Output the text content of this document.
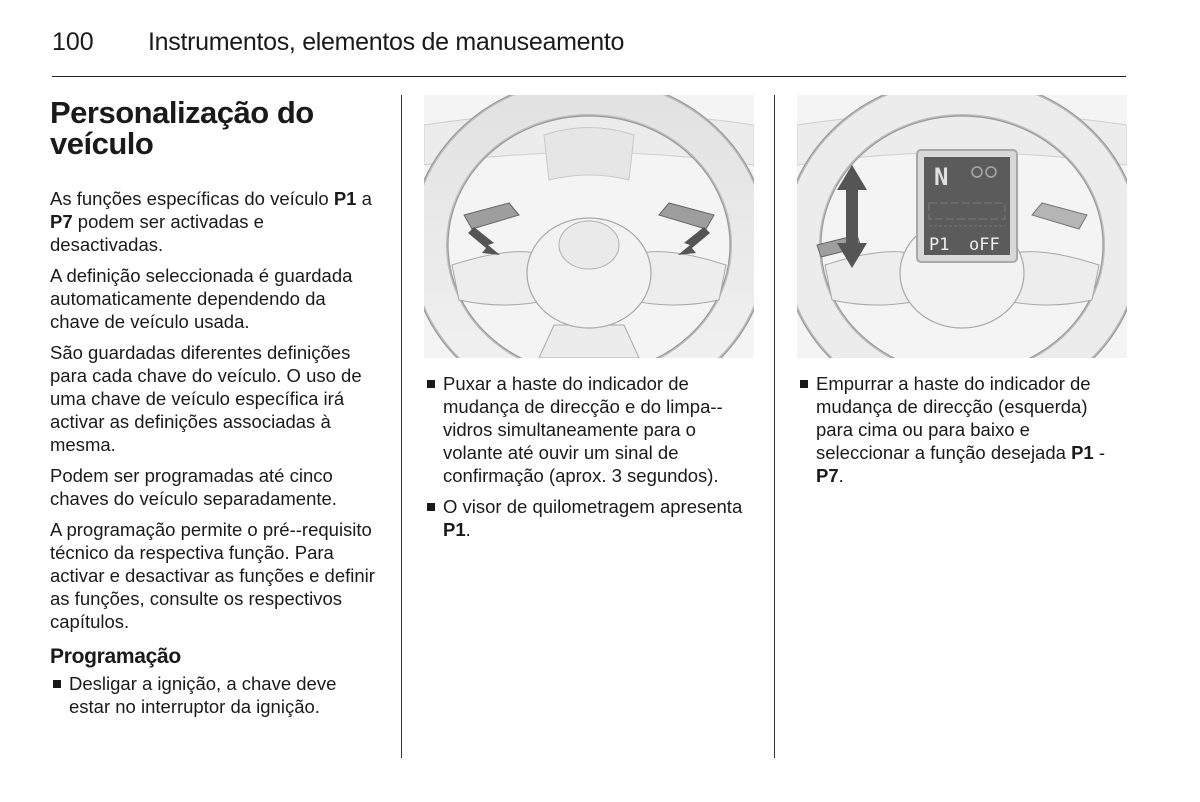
100 Instrumentos, elementos de manuseamento
Personalização do veículo

As funções específicas do veículo P1 a P7 podem ser activadas e desactivadas.

A definição seleccionada é guardada automaticamente dependendo da chave de veículo usada.

São guardadas diferentes definições para cada chave do veículo. O uso de uma chave de veículo específica irá activar as definições associadas à mesma.

Podem ser programadas até cinco chaves do veículo separadamente.

A programação permite o pré--requisito técnico da respectiva função. Para activar e desactivar as funções e definir as funções, consulte os respectivos capítulos.

Programação
Desligar a ignição, a chave deve estar no interruptor da ignição.
Puxar a haste do indicador de mudança de direcção e do limpa--vidros simultaneamente para o volante até ouvir um sinal de confirmação (aprox. 3 segundos).
O visor de quilometragem apresenta P1.
N
P1 oFF
Empurrar a haste do indicador de mudança de direcção (esquerda) para cima ou para baixo e seleccionar a função desejada P1 - P7.
